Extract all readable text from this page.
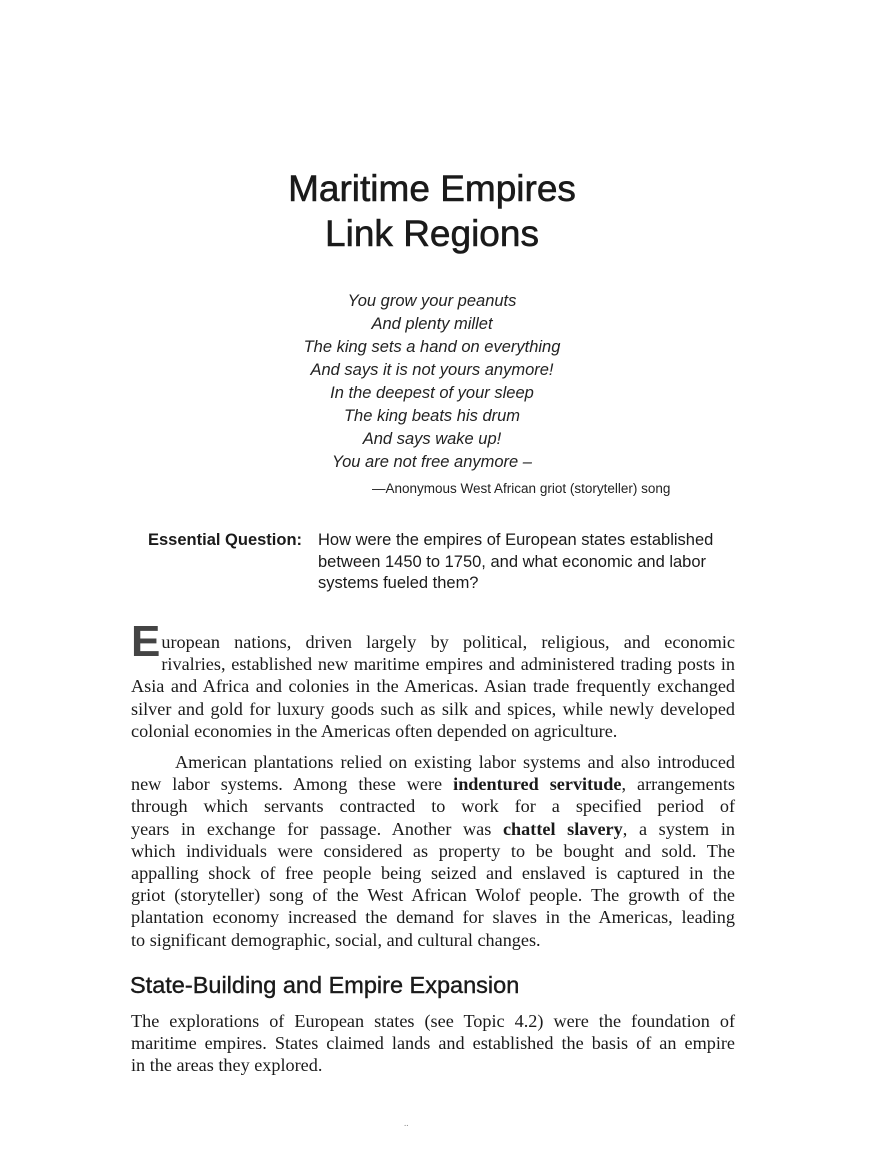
Maritime Empires
Link Regions
You grow your peanuts
And plenty millet
The king sets a hand on everything
And says it is not yours anymore!
In the deepest of your sleep
The king beats his drum
And says wake up!
You are not free anymore –
—Anonymous West African griot (storyteller) song
Essential Question: How were the empires of European states established
between 1450 to 1750, and what economic and labor
systems fueled them?
E uropean nations, driven largely by political, religious, and economic
rivalries, established new maritime empires and administered trading posts in
Asia and Africa and colonies in the Americas. Asian trade frequently exchanged
silver and gold for luxury goods such as silk and spices, while newly developed
colonial economies in the Americas often depended on agriculture.
American plantations relied on existing labor systems and also introduced
new labor systems. Among these were indentured servitude, arrangements
through which servants contracted to work for a specified period of
years in exchange for passage. Another was chattel slavery, a system in
which individuals were considered as property to be bought and sold. The
appalling shock of free people being seized and enslaved is captured in the
griot (storyteller) song of the West African Wolof people. The growth of the
plantation economy increased the demand for slaves in the Americas, leading
to significant demographic, social, and cultural changes.
State-Building and Empire Expansion
The explorations of European states (see Topic 4.2) were the foundation of
maritime empires. States claimed lands and established the basis of an empire
in the areas they explored.
..
